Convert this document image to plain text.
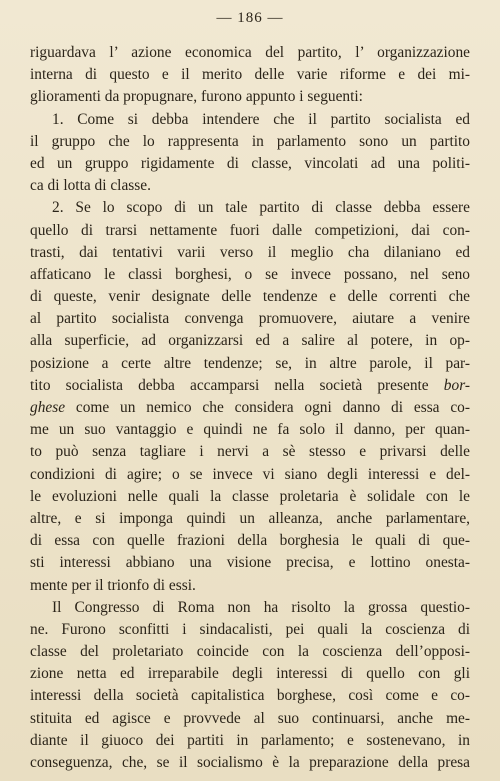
— 186 —
riguardava l’ azione economica del partito, l’ organizzazione
interna di questo e il merito delle varie riforme e dei mi-
glioramenti da propugnare, furono appunto i seguenti:
1. Come si debba intendere che il partito socialista ed
il gruppo che lo rappresenta in parlamento sono un partito
ed un gruppo rigidamente di classe, vincolati ad una politi-
ca di lotta di classe.
2. Se lo scopo di un tale partito di classe debba essere
quello di trarsi nettamente fuori dalle competizioni, dai con-
trasti, dai tentativi varii verso il meglio cha dilaniano ed
affaticano le classi borghesi, o se invece possano, nel seno
di queste, venir designate delle tendenze e delle correnti che
al partito socialista convenga promuovere, aiutare a venire
alla superficie, ad organizzarsi ed a salire al potere, in op-
posizione a certe altre tendenze; se, in altre parole, il par-
tito socialista debba accamparsi nella società presente bor-
ghese come un nemico che considera ogni danno di essa co-
me un suo vantaggio e quindi ne fa solo il danno, per quan-
to può senza tagliare i nervi a sè stesso e privarsi delle
condizioni di agire; o se invece vi siano degli interessi e del-
le evoluzioni nelle quali la classe proletaria è solidale con le
altre, e si imponga quindi un alleanza, anche parlamentare,
di essa con quelle frazioni della borghesia le quali di que-
sti interessi abbiano una visione precisa, e lottino onesta-
mente per il trionfo di essi.
Il Congresso di Roma non ha risolto la grossa questio-
ne. Furono sconfitti i sindacalisti, pei quali la coscienza di
classe del proletariato coincide con la coscienza dell’opposi-
zione netta ed irreparabile degli interessi di quello con gli
interessi della società capitalistica borghese, così come e co-
stituita ed agisce e provvede al suo continuarsi, anche me-
diante il giuoco dei partiti in parlamento; e sostenevano, in
conseguenza, che, se il socialismo è la preparazione della presa
